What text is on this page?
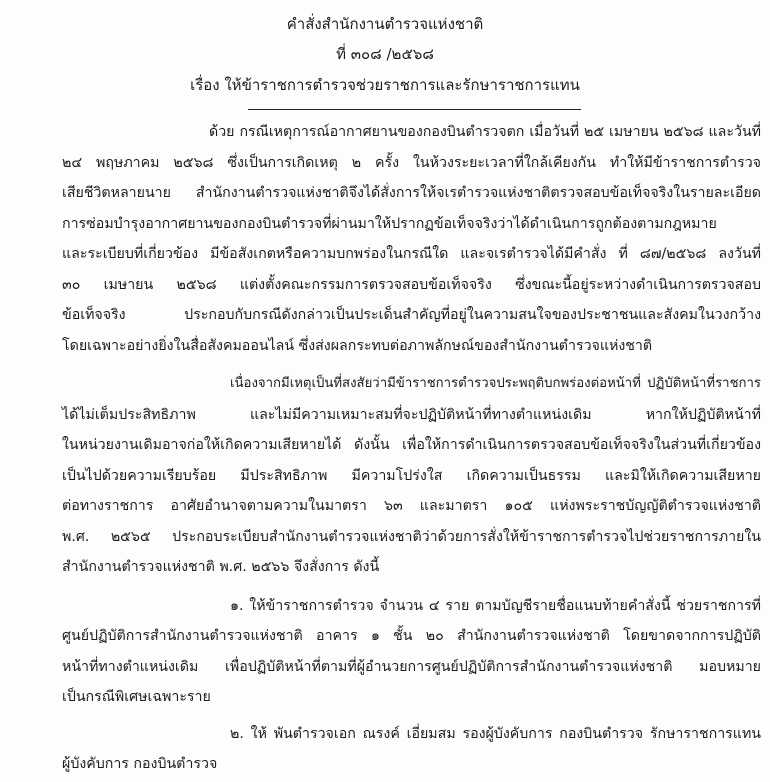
คำสั่งสำนักงานตำรวจแห่งชาติ
ที่ ๓๐๘ /๒๕๖๘
เรื่อง ให้ข้าราชการตำรวจช่วยราชการและรักษาราชการแทน
ด้วย กรณีเหตุการณ์อากาศยานของกองบินตำรวจตก เมื่อวันที่ ๒๕ เมษายน ๒๕๖๘ และวันที่
๒๔ พฤษภาคม ๒๕๖๘ ซึ่งเป็นการเกิดเหตุ ๒ ครั้ง ในห้วงระยะเวลาที่ใกล้เคียงกัน ทำให้มีข้าราชการตำรวจ
เสียชีวิตหลายนาย สำนักงานตำรวจแห่งชาติจึงได้สั่งการให้จเรตำรวจแห่งชาติตรวจสอบข้อเท็จจริงในรายละเอียด
การซ่อมบำรุงอากาศยานของกองบินตำรวจที่ผ่านมาให้ปรากฏข้อเท็จจริงว่าได้ดำเนินการถูกต้องตามกฎหมาย
และระเบียบที่เกี่ยวข้อง มีข้อสังเกตหรือความบกพร่องในกรณีใด และจเรตำรวจได้มีคำสั่ง ที่ ๘๗/๒๕๖๘ ลงวันที่
๓๐ เมษายน ๒๕๖๘ แต่งตั้งคณะกรรมการตรวจสอบข้อเท็จจริง ซึ่งขณะนี้อยู่ระหว่างดำเนินการตรวจสอบ
ข้อเท็จจริง ประกอบกับกรณีดังกล่าวเป็นประเด็นสำคัญที่อยู่ในความสนใจของประชาชนและสังคมในวงกว้าง
โดยเฉพาะอย่างยิ่งในสื่อสังคมออนไลน์ ซึ่งส่งผลกระทบต่อภาพลักษณ์ของสำนักงานตำรวจแห่งชาติ
เนื่องจากมีเหตุเป็นที่สงสัยว่ามีข้าราชการตำรวจประพฤติบกพร่องต่อหน้าที่ ปฏิบัติหน้าที่ราชการ
ได้ไม่เต็มประสิทธิภาพ และไม่มีความเหมาะสมที่จะปฏิบัติหน้าที่ทางตำแหน่งเดิม หากให้ปฏิบัติหน้าที่
ในหน่วยงานเดิมอาจก่อให้เกิดความเสียหายได้ ดังนั้น เพื่อให้การดำเนินการตรวจสอบข้อเท็จจริงในส่วนที่เกี่ยวข้อง
เป็นไปด้วยความเรียบร้อย มีประสิทธิภาพ มีความโปร่งใส เกิดความเป็นธรรม และมิให้เกิดความเสียหาย
ต่อทางราชการ อาศัยอำนาจตามความในมาตรา ๖๓ และมาตรา ๑๐๕ แห่งพระราชบัญญัติตำรวจแห่งชาติ
พ.ศ. ๒๕๖๕ ประกอบระเบียบสำนักงานตำรวจแห่งชาติว่าด้วยการสั่งให้ข้าราชการตำรวจไปช่วยราชการภายใน
สำนักงานตำรวจแห่งชาติ พ.ศ. ๒๕๖๖ จึงสั่งการ ดังนี้
๑. ให้ข้าราชการตำรวจ จำนวน ๔ ราย ตามบัญชีรายชื่อแนบท้ายคำสั่งนี้ ช่วยราชการที่
ศูนย์ปฏิบัติการสำนักงานตำรวจแห่งชาติ อาคาร ๑ ชั้น ๒๐ สำนักงานตำรวจแห่งชาติ โดยขาดจากการปฏิบัติ
หน้าที่ทางตำแหน่งเดิม เพื่อปฏิบัติหน้าที่ตามที่ผู้อำนวยการศูนย์ปฏิบัติการสำนักงานตำรวจแห่งชาติ มอบหมาย
เป็นกรณีพิเศษเฉพาะราย
๒. ให้ พันตำรวจเอก ณรงค์ เอี่ยมสม รองผู้บังคับการ กองบินตำรวจ รักษาราชการแทน
ผู้บังคับการ กองบินตำรวจ
